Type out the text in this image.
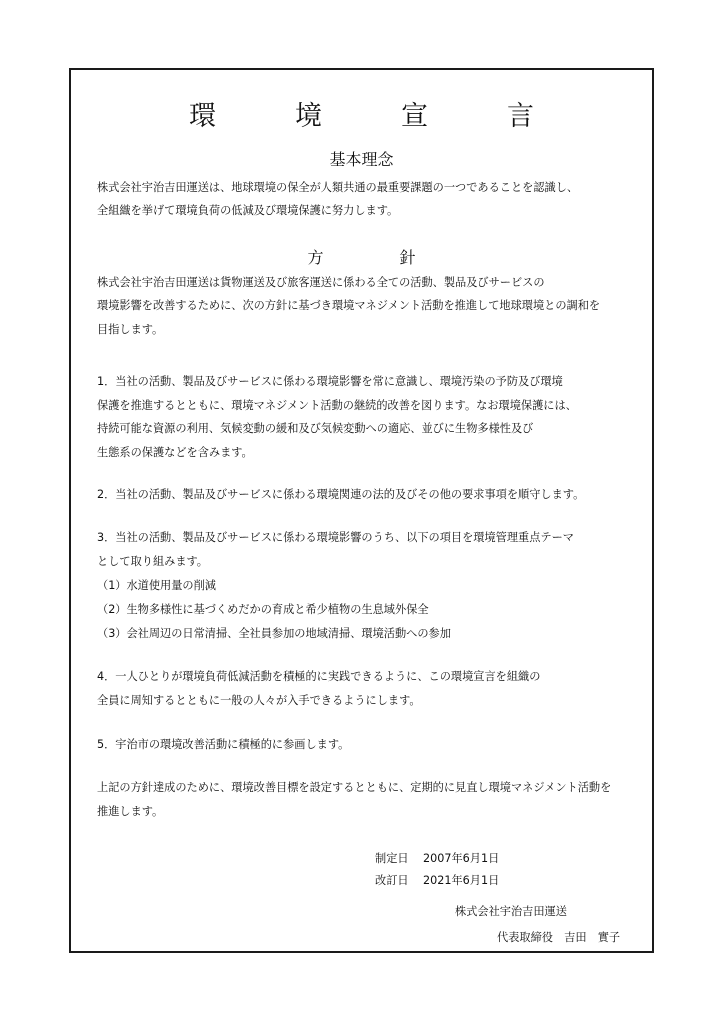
環　境　宣　言
基本理念
株式会社宇治吉田運送は、地球環境の保全が人類共通の最重要課題の一つであることを認識し、
全組織を挙げて環境負荷の低減及び環境保護に努力します。
方　針
株式会社宇治吉田運送は貨物運送及び旅客運送に係わる全ての活動、製品及びサービスの
環境影響を改善するために、次の方針に基づき環境マネジメント活動を推進して地球環境との調和を
目指します。
1．当社の活動、製品及びサービスに係わる環境影響を常に意識し、環境汚染の予防及び環境
保護を推進するとともに、環境マネジメント活動の継続的改善を図ります。なお環境保護には、
持続可能な資源の利用、気候変動の緩和及び気候変動への適応、並びに生物多様性及び
生態系の保護などを含みます。
2．当社の活動、製品及びサービスに係わる環境関連の法的及びその他の要求事項を順守します。
3．当社の活動、製品及びサービスに係わる環境影響のうち、以下の項目を環境管理重点テーマ
として取り組みます。
（1）水道使用量の削減
（2）生物多様性に基づくめだかの育成と希少植物の生息域外保全
（3）会社周辺の日常清掃、全社員参加の地域清掃、環境活動への参加
4．一人ひとりが環境負荷低減活動を積極的に実践できるように、この環境宣言を組織の
全員に周知するとともに一般の人々が入手できるようにします。
5．宇治市の環境改善活動に積極的に参画します。
上記の方針達成のために、環境改善目標を設定するとともに、定期的に見直し環境マネジメント活動を
推進します。
制定日 2007年6月1日
改訂日 2021年6月1日
株式会社宇治吉田運送
代表取締役　吉田　實子
